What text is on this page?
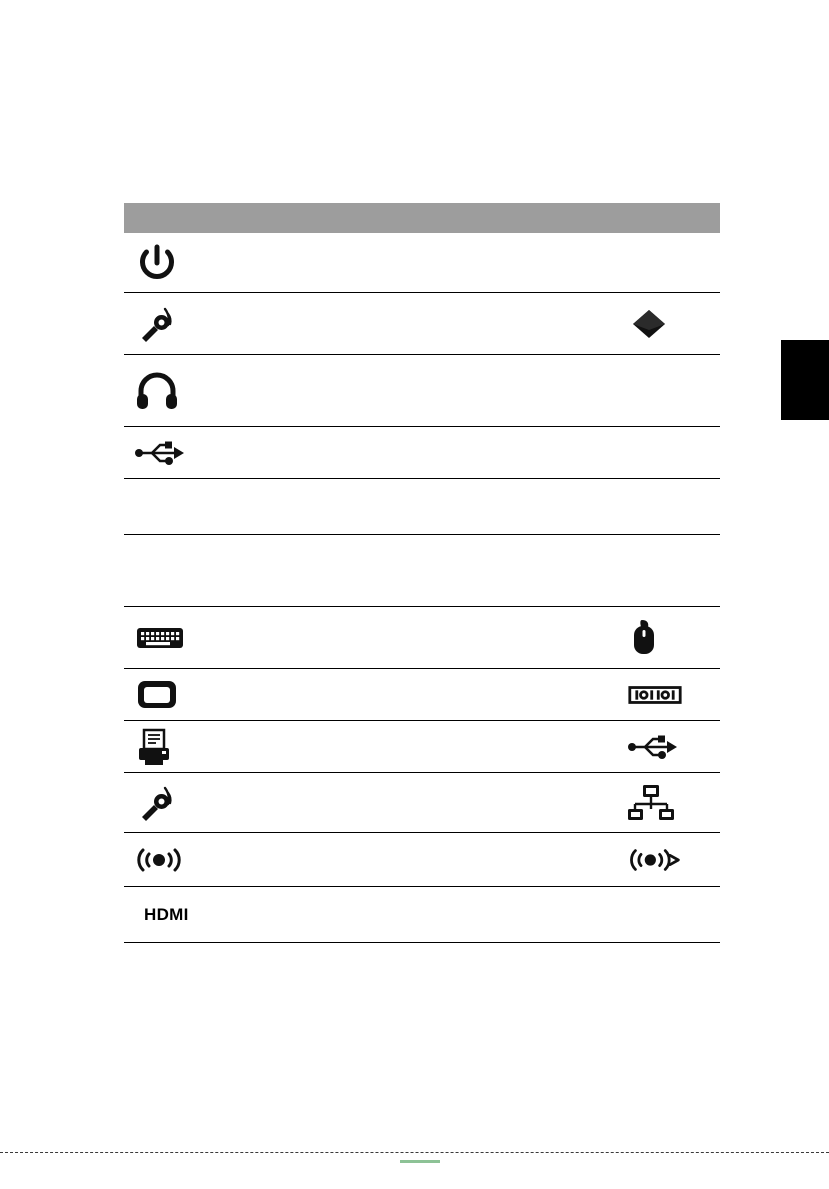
HDMI
